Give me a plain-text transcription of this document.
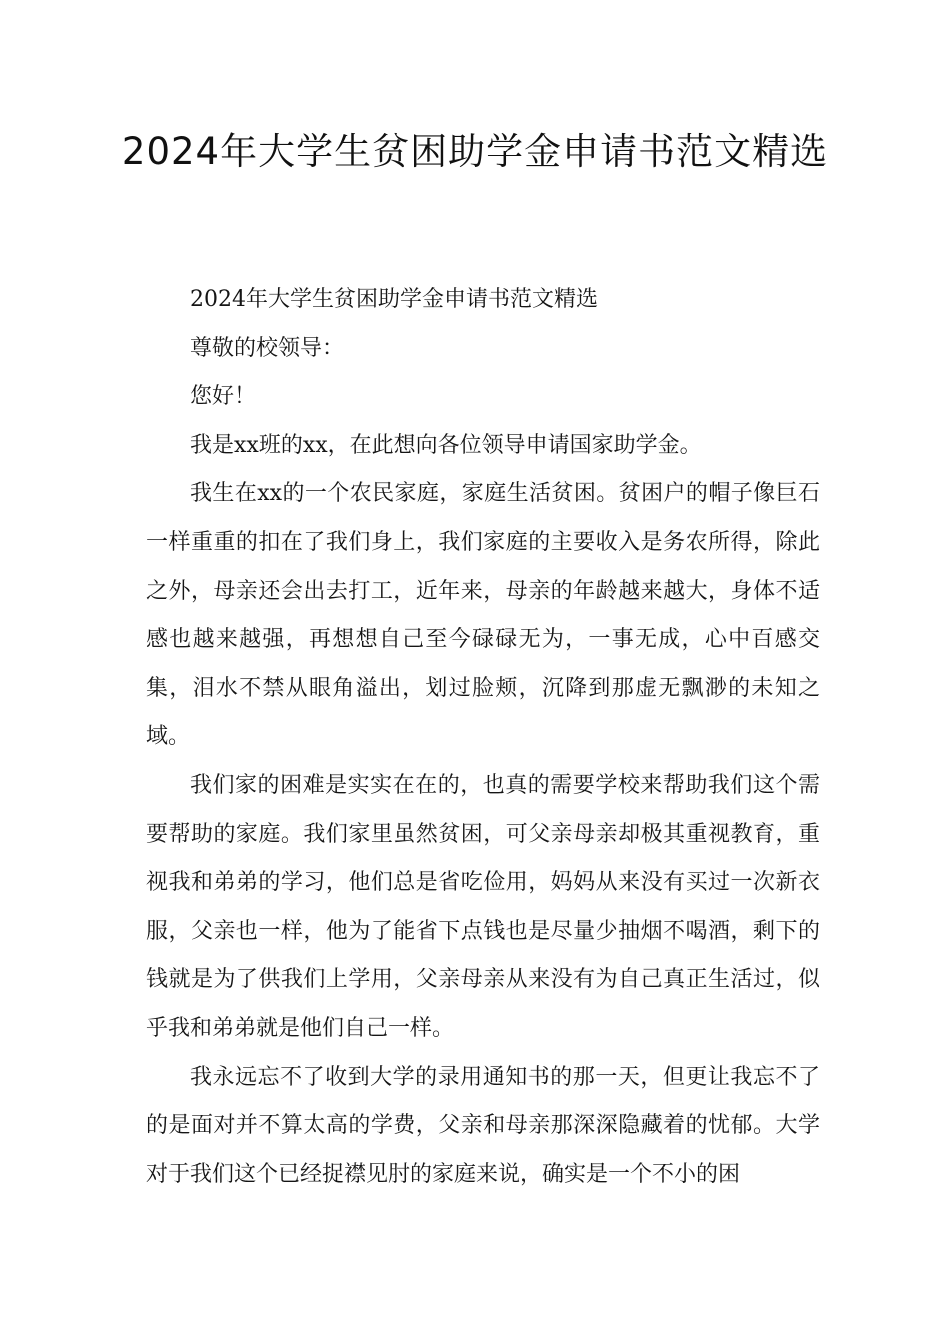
2024年大学生贫困助学金申请书范文精选

2024年大学生贫困助学金申请书范文精选

尊敬的校领导：

您好！

我是xx班的xx，在此想向各位领导申请国家助学金。

我生在xx的一个农民家庭，家庭生活贫困。贫困户的帽子像巨石一样重重的扣在了我们身上，我们家庭的主要收入是务农所得，除此之外，母亲还会出去打工，近年来，母亲的年龄越来越大，身体不适感也越来越强，再想想自己至今碌碌无为，一事无成，心中百感交集，泪水不禁从眼角溢出，划过脸颊，沉降到那虚无飘渺的未知之域。

我们家的困难是实实在在的，也真的需要学校来帮助我们这个需要帮助的家庭。我们家里虽然贫困，可父亲母亲却极其重视教育，重视我和弟弟的学习，他们总是省吃俭用，妈妈从来没有买过一次新衣服，父亲也一样，他为了能省下点钱也是尽量少抽烟不喝酒，剩下的钱就是为了供我们上学用，父亲母亲从来没有为自己真正生活过，似乎我和弟弟就是他们自己一样。

我永远忘不了收到大学的录用通知书的那一天，但更让我忘不了的是面对并不算太高的学费，父亲和母亲那深深隐藏着的忧郁。大学对于我们这个已经捉襟见肘的家庭来说，确实是一个不小的困
